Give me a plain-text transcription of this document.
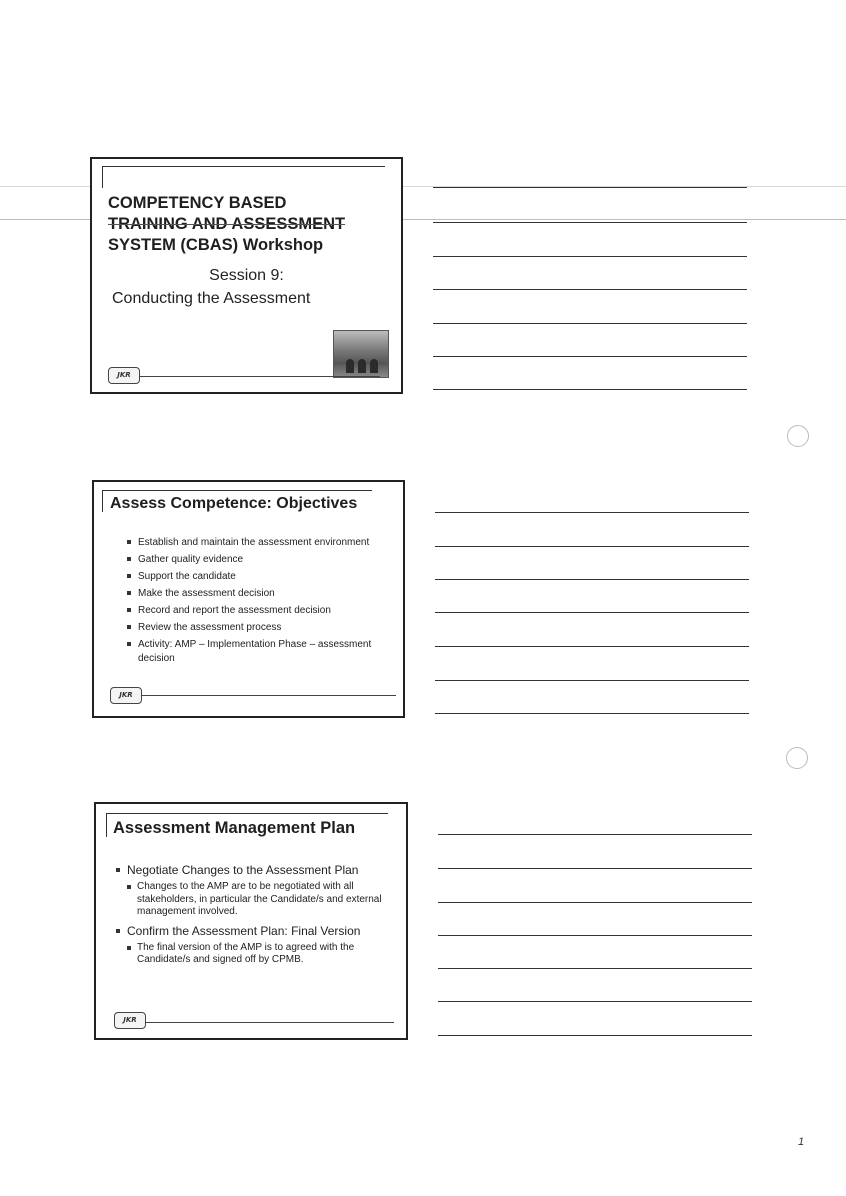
COMPETENCY BASED
TRAINING AND ASSESSMENT
SYSTEM (CBAS) Workshop
Session 9:
Conducting the Assessment
JKR
Assess Competence: Objectives
Establish and maintain the assessment environment
Gather quality evidence
Support the candidate
Make the assessment decision
Record and report the assessment decision
Review the assessment process
Activity: AMP – Implementation Phase – assessment decision
JKR
Assessment Management Plan
Negotiate Changes to the Assessment Plan
Changes to the AMP are to be negotiated with all stakeholders, in particular the Candidate/s and external management involved.
Confirm the Assessment Plan: Final Version
The final version of the AMP is to agreed with the Candidate/s and signed off by CPMB.
JKR
1
